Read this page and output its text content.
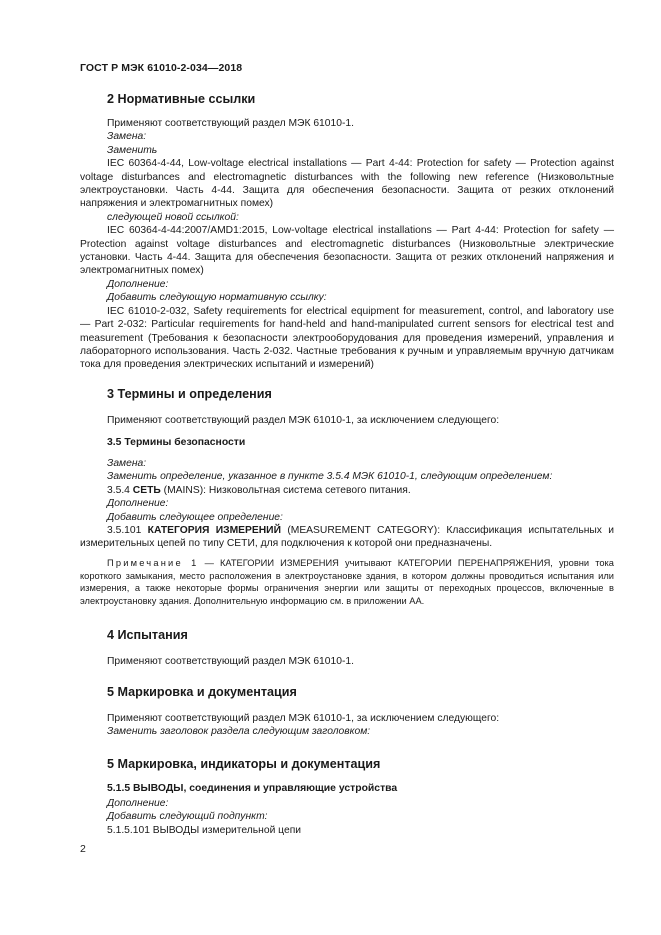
ГОСТ Р МЭК 61010-2-034—2018
2 Нормативные ссылки

Применяют соответствующий раздел МЭК 61010-1.

Замена:

Заменить

IEC 60364-4-44, Low-voltage electrical installations — Part 4-44: Protection for safety — Protection against voltage disturbances and electromagnetic disturbances with the following new reference (Низковольтные электроустановки. Часть 4-44. Защита для обеспечения безопасности. Защита от резких отклонений напряжения и электромагнитных помех)

следующей новой ссылкой:

IEC 60364-4-44:2007/AMD1:2015, Low-voltage electrical installations — Part 4-44: Protection for safety — Protection against voltage disturbances and electromagnetic disturbances (Низковольтные электрические установки. Часть 4-44. Защита для обеспечения безопасности. Защита от резких отклонений напряжения и электромагнитных помех)

Дополнение:

Добавить следующую нормативную ссылку:

IEC 61010-2-032, Safety requirements for electrical equipment for measurement, control, and laboratory use — Part 2-032: Particular requirements for hand-held and hand-manipulated current sensors for electrical test and measurement (Требования к безопасности электрооборудования для проведения измерений, управления и лабораторного использования. Часть 2-032. Частные требования к ручным и управляемым вручную датчикам тока для проведения электрических испытаний и измерений)

3 Термины и определения

Применяют соответствующий раздел МЭК 61010-1, за исключением следующего:

3.5 Термины безопасности

Замена:

Заменить определение, указанное в пункте 3.5.4 МЭК 61010-1, следующим определением:

3.5.4 СЕТЬ (MAINS): Низковольтная система сетевого питания.

Дополнение:

Добавить следующее определение:

3.5.101 КАТЕГОРИЯ ИЗМЕРЕНИЙ (MEASUREMENT CATEGORY): Классификация испытательных и измерительных цепей по типу СЕТИ, для подключения к которой они предназначены.

Примечание 1 — КАТЕГОРИИ ИЗМЕРЕНИЯ учитывают КАТЕГОРИИ ПЕРЕНАПРЯЖЕНИЯ, уровни тока короткого замыкания, место расположения в электроустановке здания, в котором должны проводиться испытания или измерения, а также некоторые формы ограничения энергии или защиты от переходных процессов, включенные в электроустановку здания. Дополнительную информацию см. в приложении АА.

4 Испытания

Применяют соответствующий раздел МЭК 61010-1.

5 Маркировка и документация

Применяют соответствующий раздел МЭК 61010-1, за исключением следующего:

Заменить заголовок раздела следующим заголовком:

5 Маркировка, индикаторы и документация
5.1.5 ВЫВОДЫ, соединения и управляющие устройства

Дополнение:

Добавить следующий подпункт:

5.1.5.101 ВЫВОДЫ измерительной цепи

2
